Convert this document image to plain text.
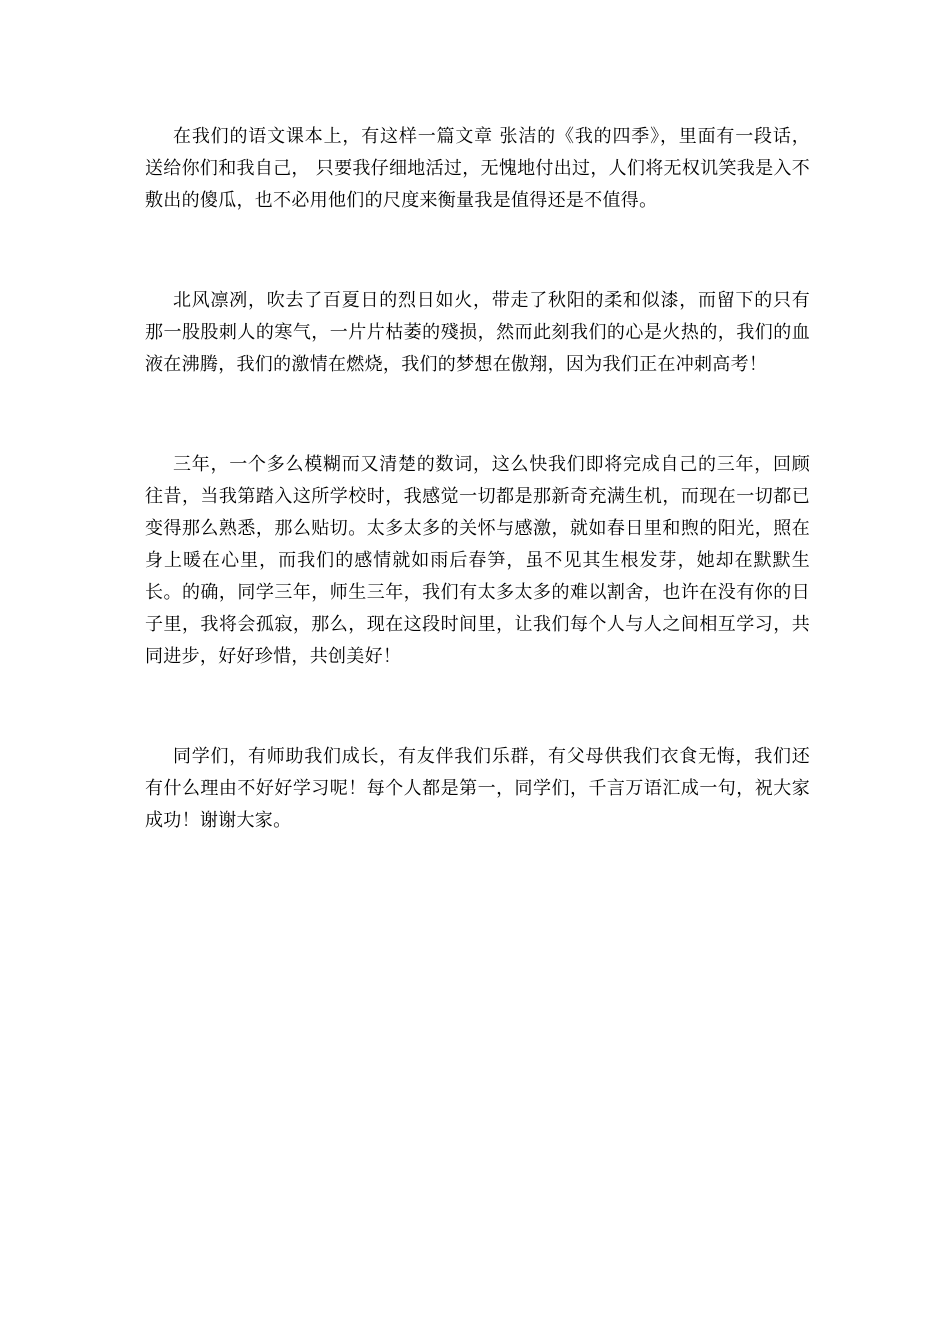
在我们的语文课本上，有这样一篇文章 张洁的《我的四季》，里面有一段话，送给你们和我自己， 只要我仔细地活过，无愧地付出过，人们将无权讥笑我是入不敷出的傻瓜，也不必用他们的尺度来衡量我是值得还是不值得。

北风凛冽，吹去了百夏日的烈日如火，带走了秋阳的柔和似漆，而留下的只有那一股股刺人的寒气，一片片枯萎的殘损，然而此刻我们的心是火热的，我们的血液在沸腾，我们的激情在燃烧，我们的梦想在傲翔，因为我们正在冲刺高考！

三年，一个多么模糊而又清楚的数词，这么快我们即将完成自己的三年，回顾往昔，当我第踏入这所学校时，我感觉一切都是那新奇充满生机，而现在一切都已变得那么熟悉，那么贴切。太多太多的关怀与感激，就如春日里和煦的阳光，照在身上暖在心里，而我们的感情就如雨后春笋，虽不见其生根发芽，她却在默默生长。的确，同学三年，师生三年，我们有太多太多的难以割舍，也许在没有你的日子里，我将会孤寂，那么，现在这段时间里，让我们每个人与人之间相互学习，共同进步，好好珍惜，共创美好！

同学们，有师助我们成长，有友伴我们乐群，有父母供我们衣食无悔，我们还有什么理由不好好学习呢！每个人都是第一，同学们，千言万语汇成一句，祝大家成功！谢谢大家。
